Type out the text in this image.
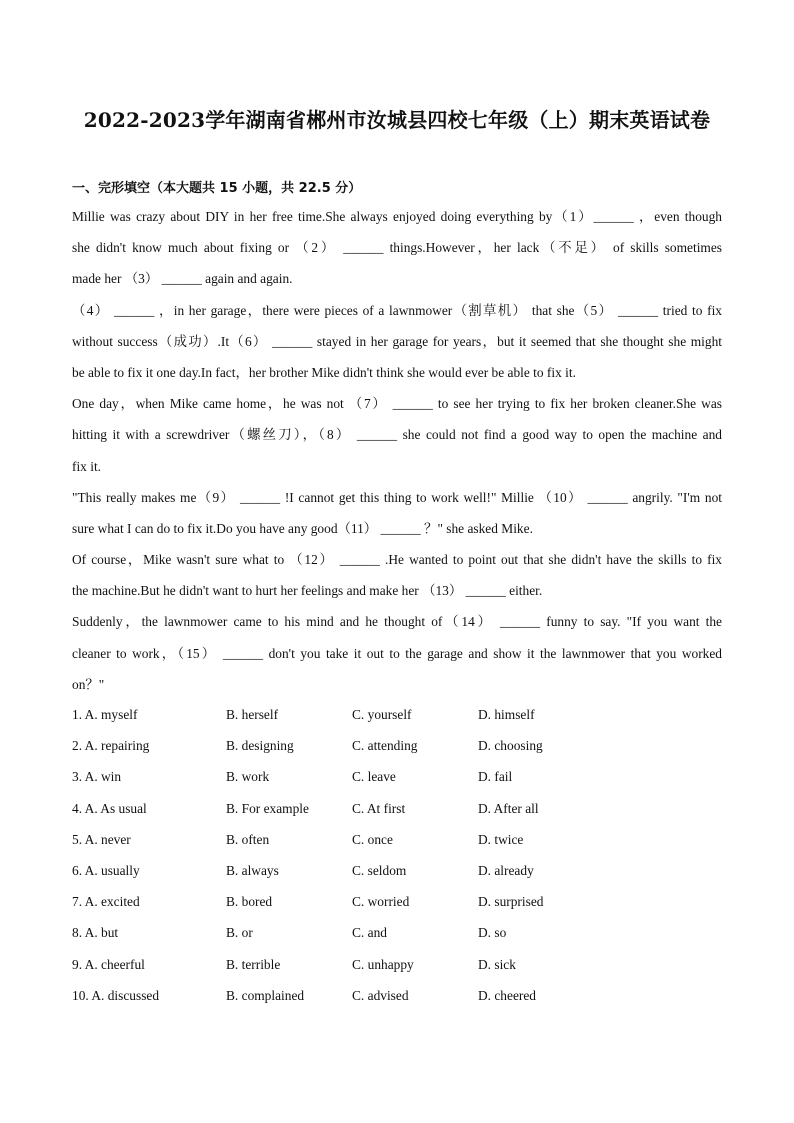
2022-2023学年湖南省郴州市汝城县四校七年级（上）期末英语试卷
一、完形填空（本大题共 15 小题，共 22.5 分）
Millie was crazy about DIY in her free time.She always enjoyed doing everything by（1）______ ，even though
she didn't know much about fixing or （2） ______ things.However，her lack（不足） of skills sometimes
made her （3） ______ again and again.
（4） ______ ，in her garage，there were pieces of a lawnmower（割草机） that she（5） ______ tried to fix
without success（成功）.It（6） ______ stayed in her garage for years，but it seemed that she thought she might
be able to fix it one day.In fact，her brother Mike didn't think she would ever be able to fix it.
One day，when Mike came home，he was not （7） ______ to see her trying to fix her broken cleaner.She was
hitting it with a screwdriver（螺丝刀），（8） ______ she could not find a good way to open the machine and
fix it.
"This really makes me（9） ______ !I cannot get this thing to work well!" Millie （10） ______ angrily. "I'm not
sure what I can do to fix it.Do you have any good（11） ______ ？" she asked Mike.
Of course，Mike wasn't sure what to （12） ______ .He wanted to point out that she didn't have the skills to fix
the machine.But he didn't want to hurt her feelings and make her （13） ______ either.
Suddenly，the lawnmower came to his mind and he thought of（14） ______ funny to say. "If you want the
cleaner to work，（15） ______ don't you take it out to the garage and show it the lawnmower that you worked
on？"
1. A. myself	B. herself	C. yourself	D. himself
2. A. repairing	B. designing	C. attending	D. choosing
3. A. win	B. work	C. leave	D. fail
4. A. As usual	B. For example	C. At first	D. After all
5. A. never	B. often	C. once	D. twice
6. A. usually	B. always	C. seldom	D. already
7. A. excited	B. bored	C. worried	D. surprised
8. A. but	B. or	C. and	D. so
9. A. cheerful	B. terrible	C. unhappy	D. sick
10. A. discussed	B. complained	C. advised	D. cheered
